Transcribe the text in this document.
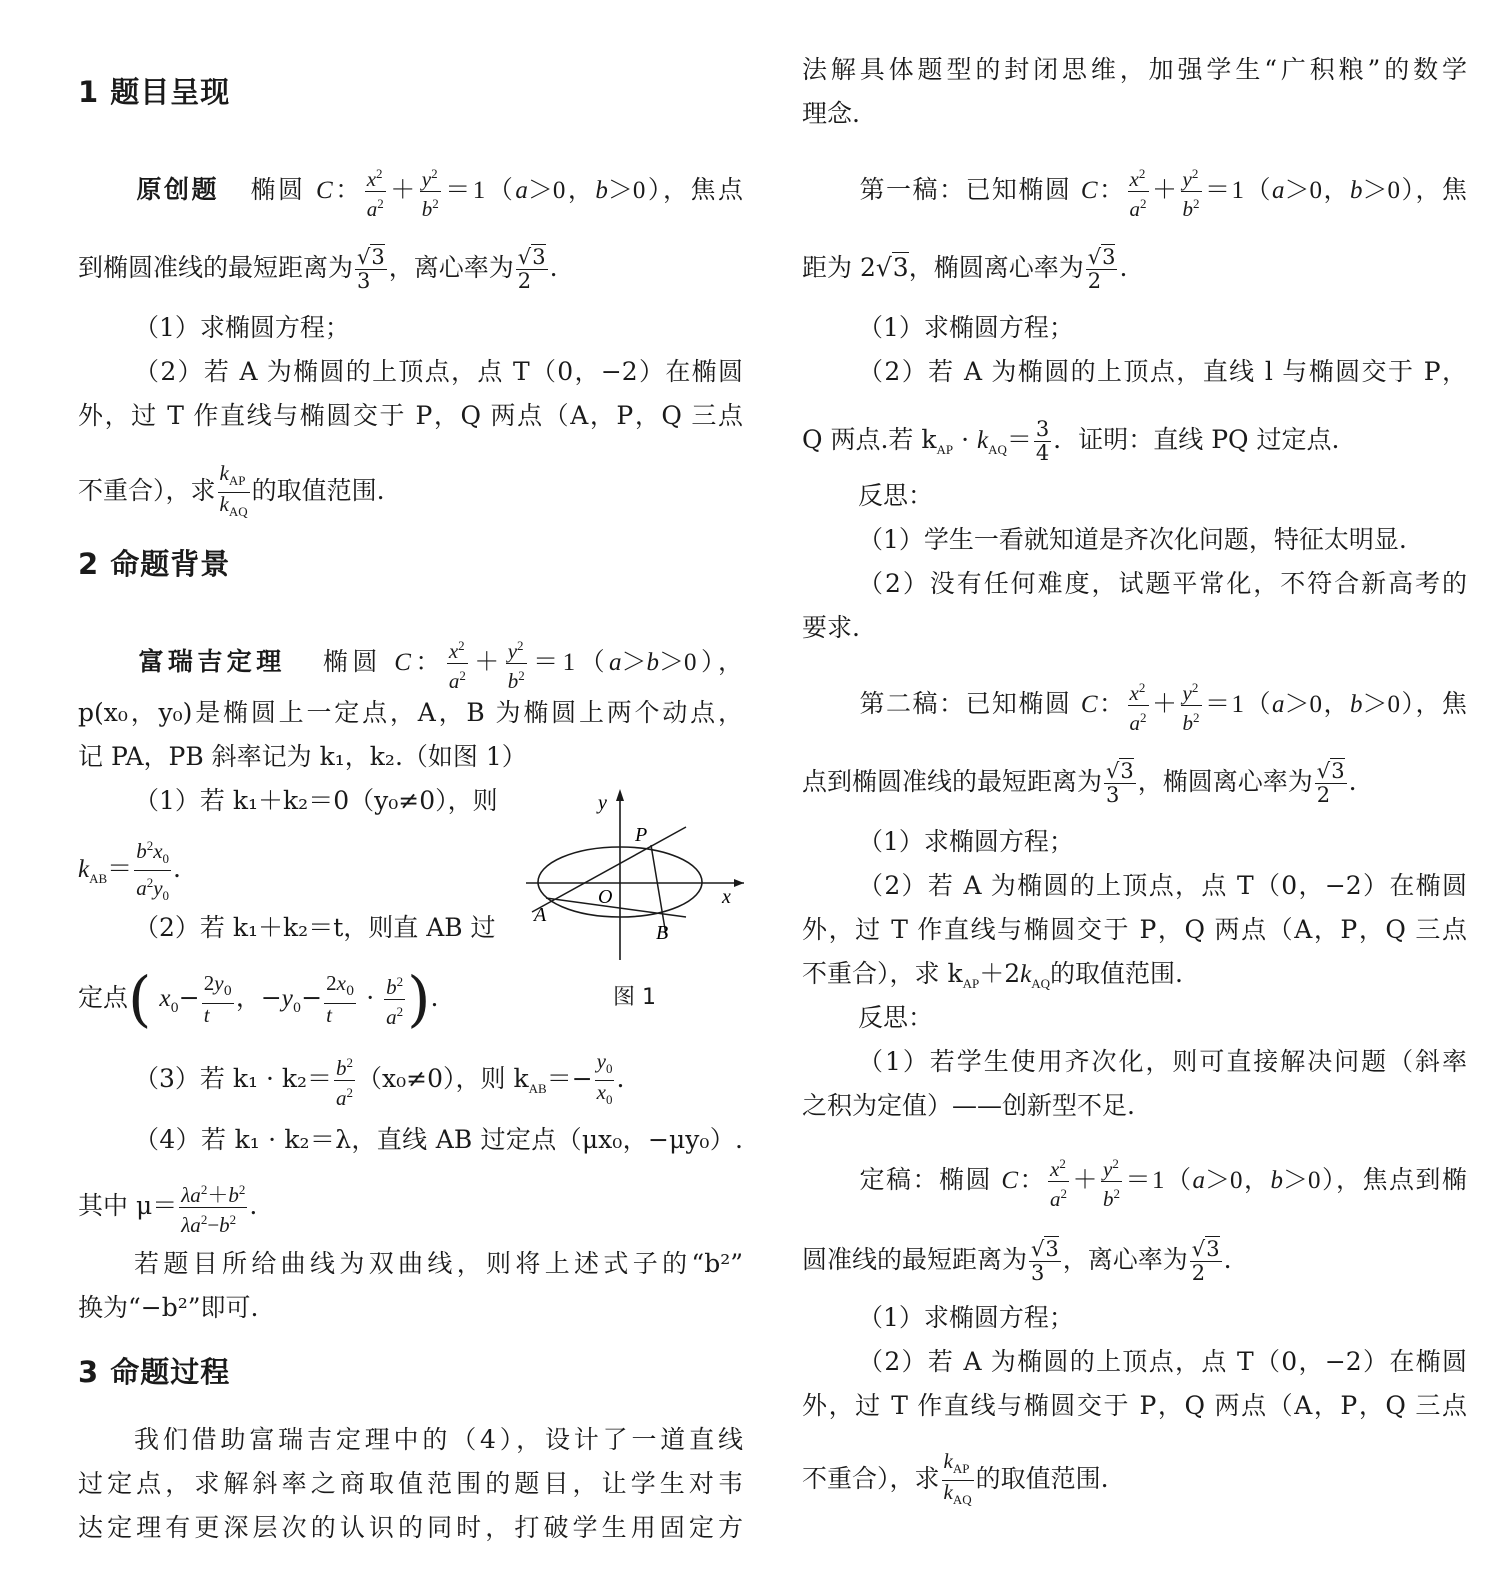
1 题目呈现
原创题 椭圆 C： $\frac{x^2}{a^2} + \frac{y^2}{b^2} =1(a>0$，b＞0），焦点
到椭圆准线的最短距离为 $\frac{√3}{3}$ ，离心率为 $\frac{√3}{2}$ .
（1）求椭圆方程；
（2）若 A 为椭圆的上顶点，点 T（0，−2）在椭圆
外，过 T 作直线与椭圆交于 P，Q 两点（A，P，Q 三点
不重合），求 $\frac{k_{AP}}{k_{AQ}}$ 的取值范围.
2 命题背景
富瑞吉定理 椭圆 C： $\frac{x^2}{a^2} + \frac{y^2}{b^2} =1(a>b>0)$，
p(x₀，y₀)是椭圆上一定点，A，B 为椭圆上两个动点，
记 PA，PB 斜率记为 k₁，k₂.（如图 1）
（1）若 k₁＋k₂＝0（y₀≠0），则
$k_{AB}= \frac{b^2x_0}{a^2y_0}$ .
（2）若 k₁＋k₂＝t，则直 AB 过
定点( $x_0- \frac{2y_0}{t}$ ，$-y_0- \frac{2x_0}{t} \cdot \frac{b^2}{a^2}$ ).
（3）若 $k_1 \cdot k_2= \frac{b^2}{a^2} (x_0\ne 0)$，则 $k_{AB}=- \frac{y_0}{x_0}$ .
（4）若 k₁ · k₂＝λ，直线 AB 过定点（μx₀，−μy₀）.
其中 $\mu= \frac{\lambda a^2+b^2}{\lambda a^2-b^2}$ .
若题目所给曲线为双曲线，则将上述式子的“b²”
换为“−b²”即可.
3 命题过程
我们借助富瑞吉定理中的（4），设计了一道直线
过定点，求解斜率之商取值范围的题目，让学生对韦
达定理有更深层次的认识的同时，打破学生用固定方
y
x
P
O
A
B
图 1
法解具体题型的封闭思维，加强学生“广积粮”的数学
理念.
第一稿：已知椭圆 C： $\frac{x^2}{a^2} + \frac{y^2}{b^2} =1(a>0$，b＞0），焦
距为 2√3，椭圆离心率为 $\frac{√3}{2}$ .
（1）求椭圆方程；
（2）若 A 为椭圆的上顶点，直线 l 与椭圆交于 P，
Q 两点.若 $k_{AP} \cdot k_{AQ}= \frac{3}{4}$ ．证明：直线 PQ 过定点.
反思：
（1）学生一看就知道是齐次化问题，特征太明显.
（2）没有任何难度，试题平常化，不符合新高考的
要求.
第二稿：已知椭圆 C： $\frac{x^2}{a^2} + \frac{y^2}{b^2} =1(a>0$，b＞0），焦
点到椭圆准线的最短距离为 $\frac{√3}{3}$ ，椭圆离心率为 $\frac{√3}{2}$ .
（1）求椭圆方程；
（2）若 A 为椭圆的上顶点，点 T（0，−2）在椭圆
外，过 T 作直线与椭圆交于 P，Q 两点（A，P，Q 三点
不重合），求 $k_{AP}+2k_{AQ}$的取值范围.
反思：
（1）若学生使用齐次化，则可直接解决问题（斜率
之积为定值）——创新型不足.
定稿：椭圆 C： $\frac{x^2}{a^2} + \frac{y^2}{b^2} =1(a>0$，b＞0），焦点到椭
圆准线的最短距离为 $\frac{√3}{3}$ ，离心率为 $\frac{√3}{2}$ .
（1）求椭圆方程；
（2）若 A 为椭圆的上顶点，点 T（0，−2）在椭圆
外，过 T 作直线与椭圆交于 P，Q 两点（A，P，Q 三点
不重合），求 $\frac{k_{AP}}{k_{AQ}}$ 的取值范围.
